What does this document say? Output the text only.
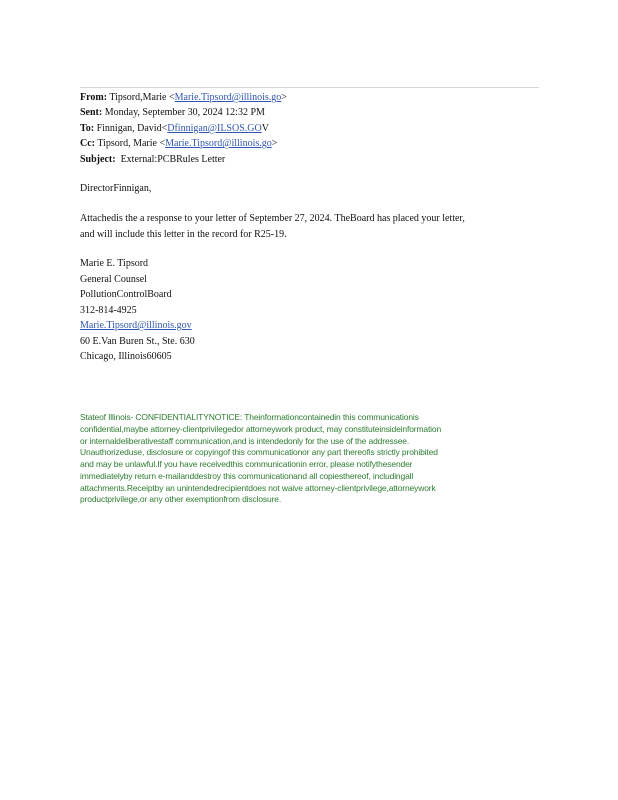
From: Tipsord,Marie <Marie.Tipsord@illinois.go>
Sent: Monday, September 30, 2024 12:32 PM
To: Finnigan, David<Dfinnigan@ILSOS.GOV
Cc: Tipsord, Marie <Marie.Tipsord@illinois.go>
Subject: External:PCBRules Letter
DirectorFinnigan,
Attachedis the a response to your letter of September 27, 2024. TheBoard has placed your letter,
and will include this letter in the record for R25-19.
Marie E. Tipsord
General Counsel
PollutionControlBoard
312-814-4925
Marie.Tipsord@illinois.gov
60 E.Van Buren St., Ste. 630
Chicago, Illinois60605
Stateof Illinois- CONFIDENTIALITYNOTICE: Theinformationcontainedin this communicationis
confidential,maybe attorney-clientprivilegedor attorneywork product, may constituteinsideinformation
or internaldeliberativestaff communication,and is intendedonly for the use of the addressee.
Unauthorizeduse, disclosure or copyingof this communicationor any part thereofis strictly prohibited
and may be unlawful.If you have receivedthis communicationin error, please notifythesender
immediatelyby return e-mailanddestroy this communicationand all copiesthereof, includingall
attachments.Receiptby an unintendedrecipientdoes not waive attorney-clientprivilege,attorneywork
productprivilege,or any other exemptionfrom disclosure.
